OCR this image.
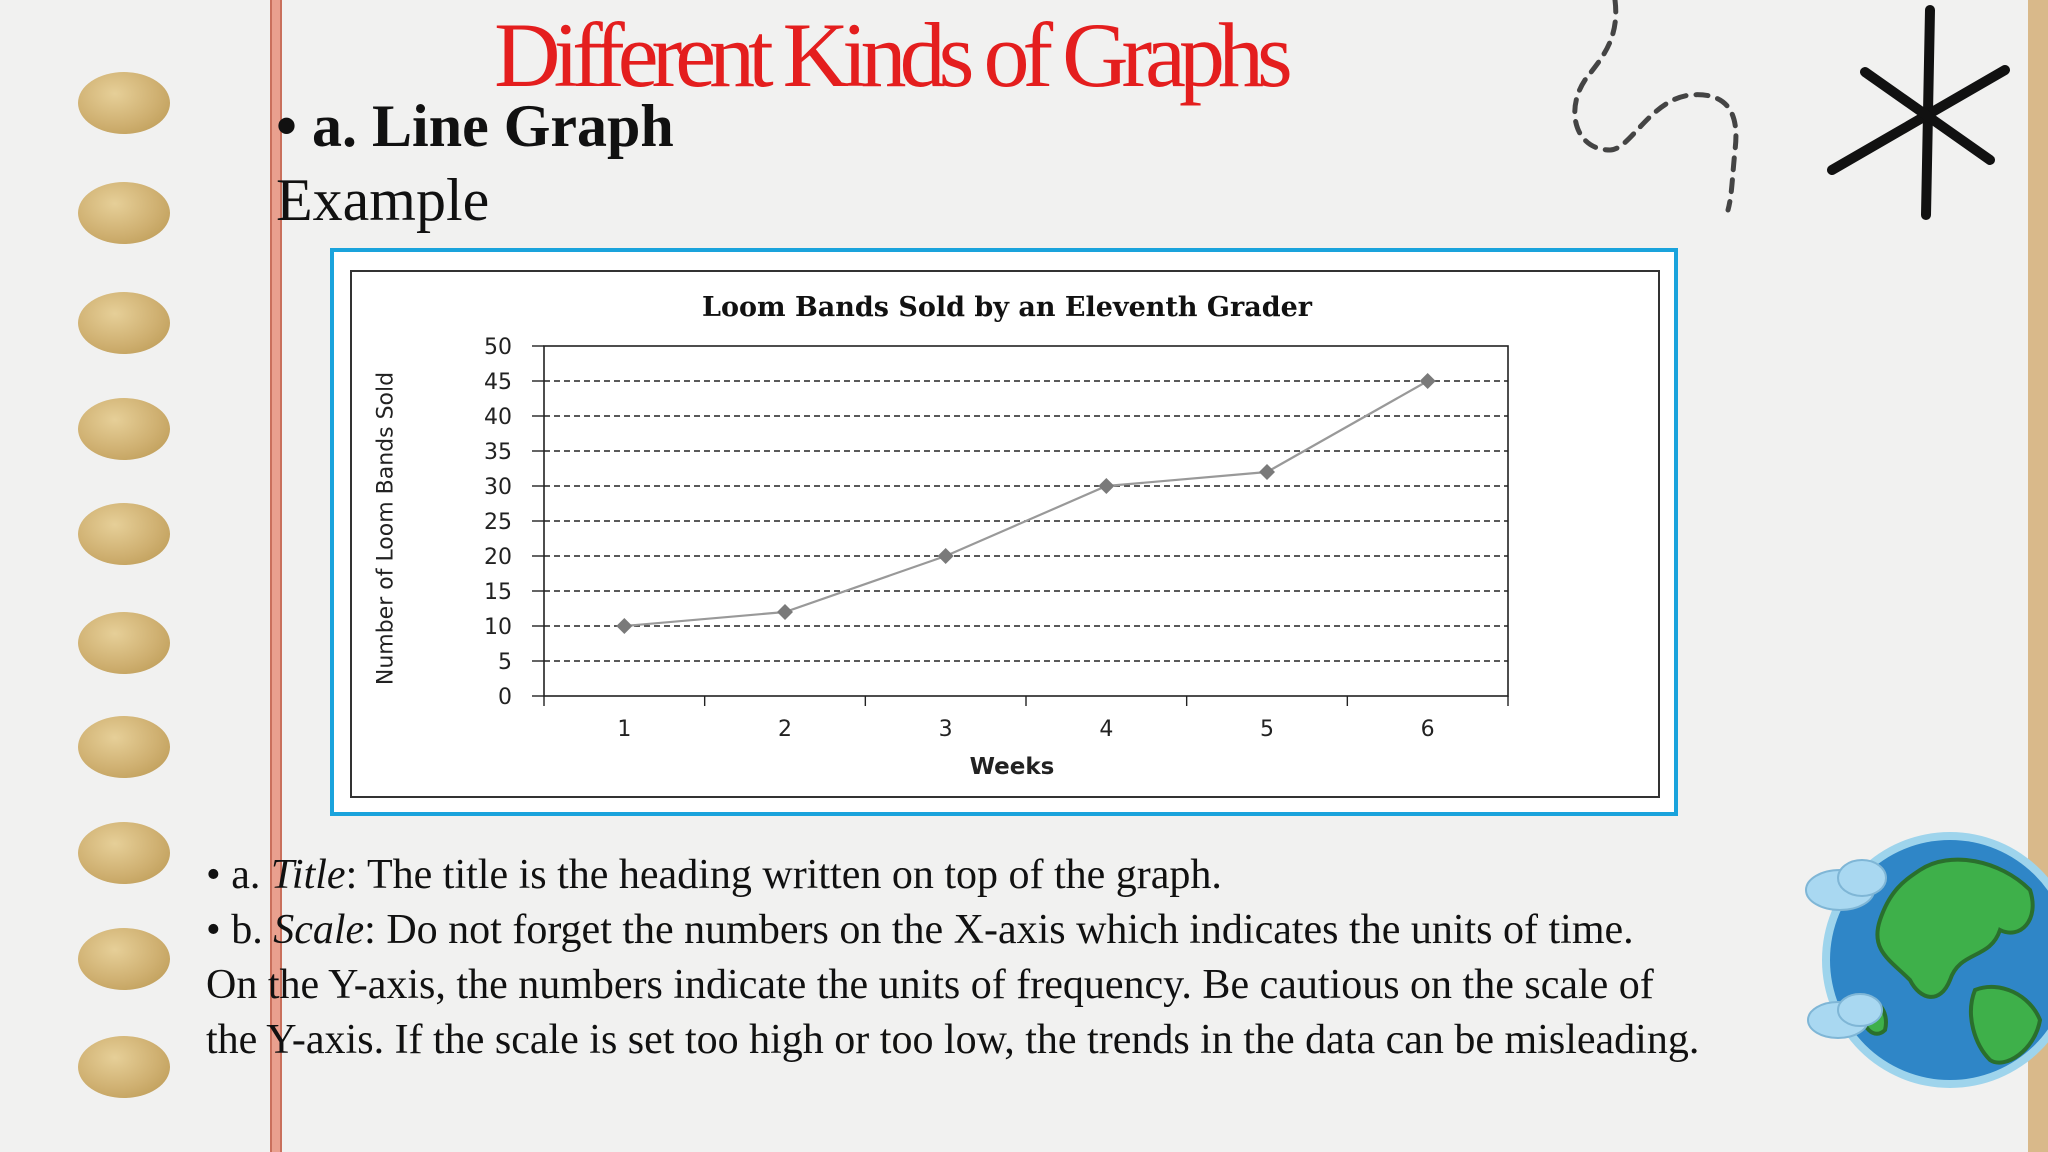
Different Kinds of Graphs
• a. Line Graph
Example
0
5
10
15
20
25
30
35
40
45
50
1	2	3	4	5	6
Loom Bands Sold by an Eleventh Grader
Number of Loom Bands Sold
Weeks

• a. Title: The title is the heading written on top of the graph.

• b. Scale: Do not forget the numbers on the X-axis which indicates the units of time.

On the Y-axis, the numbers indicate the units of frequency. Be cautious on the scale of

the Y-axis. If the scale is set too high or too low, the trends in the data can be misleading.
